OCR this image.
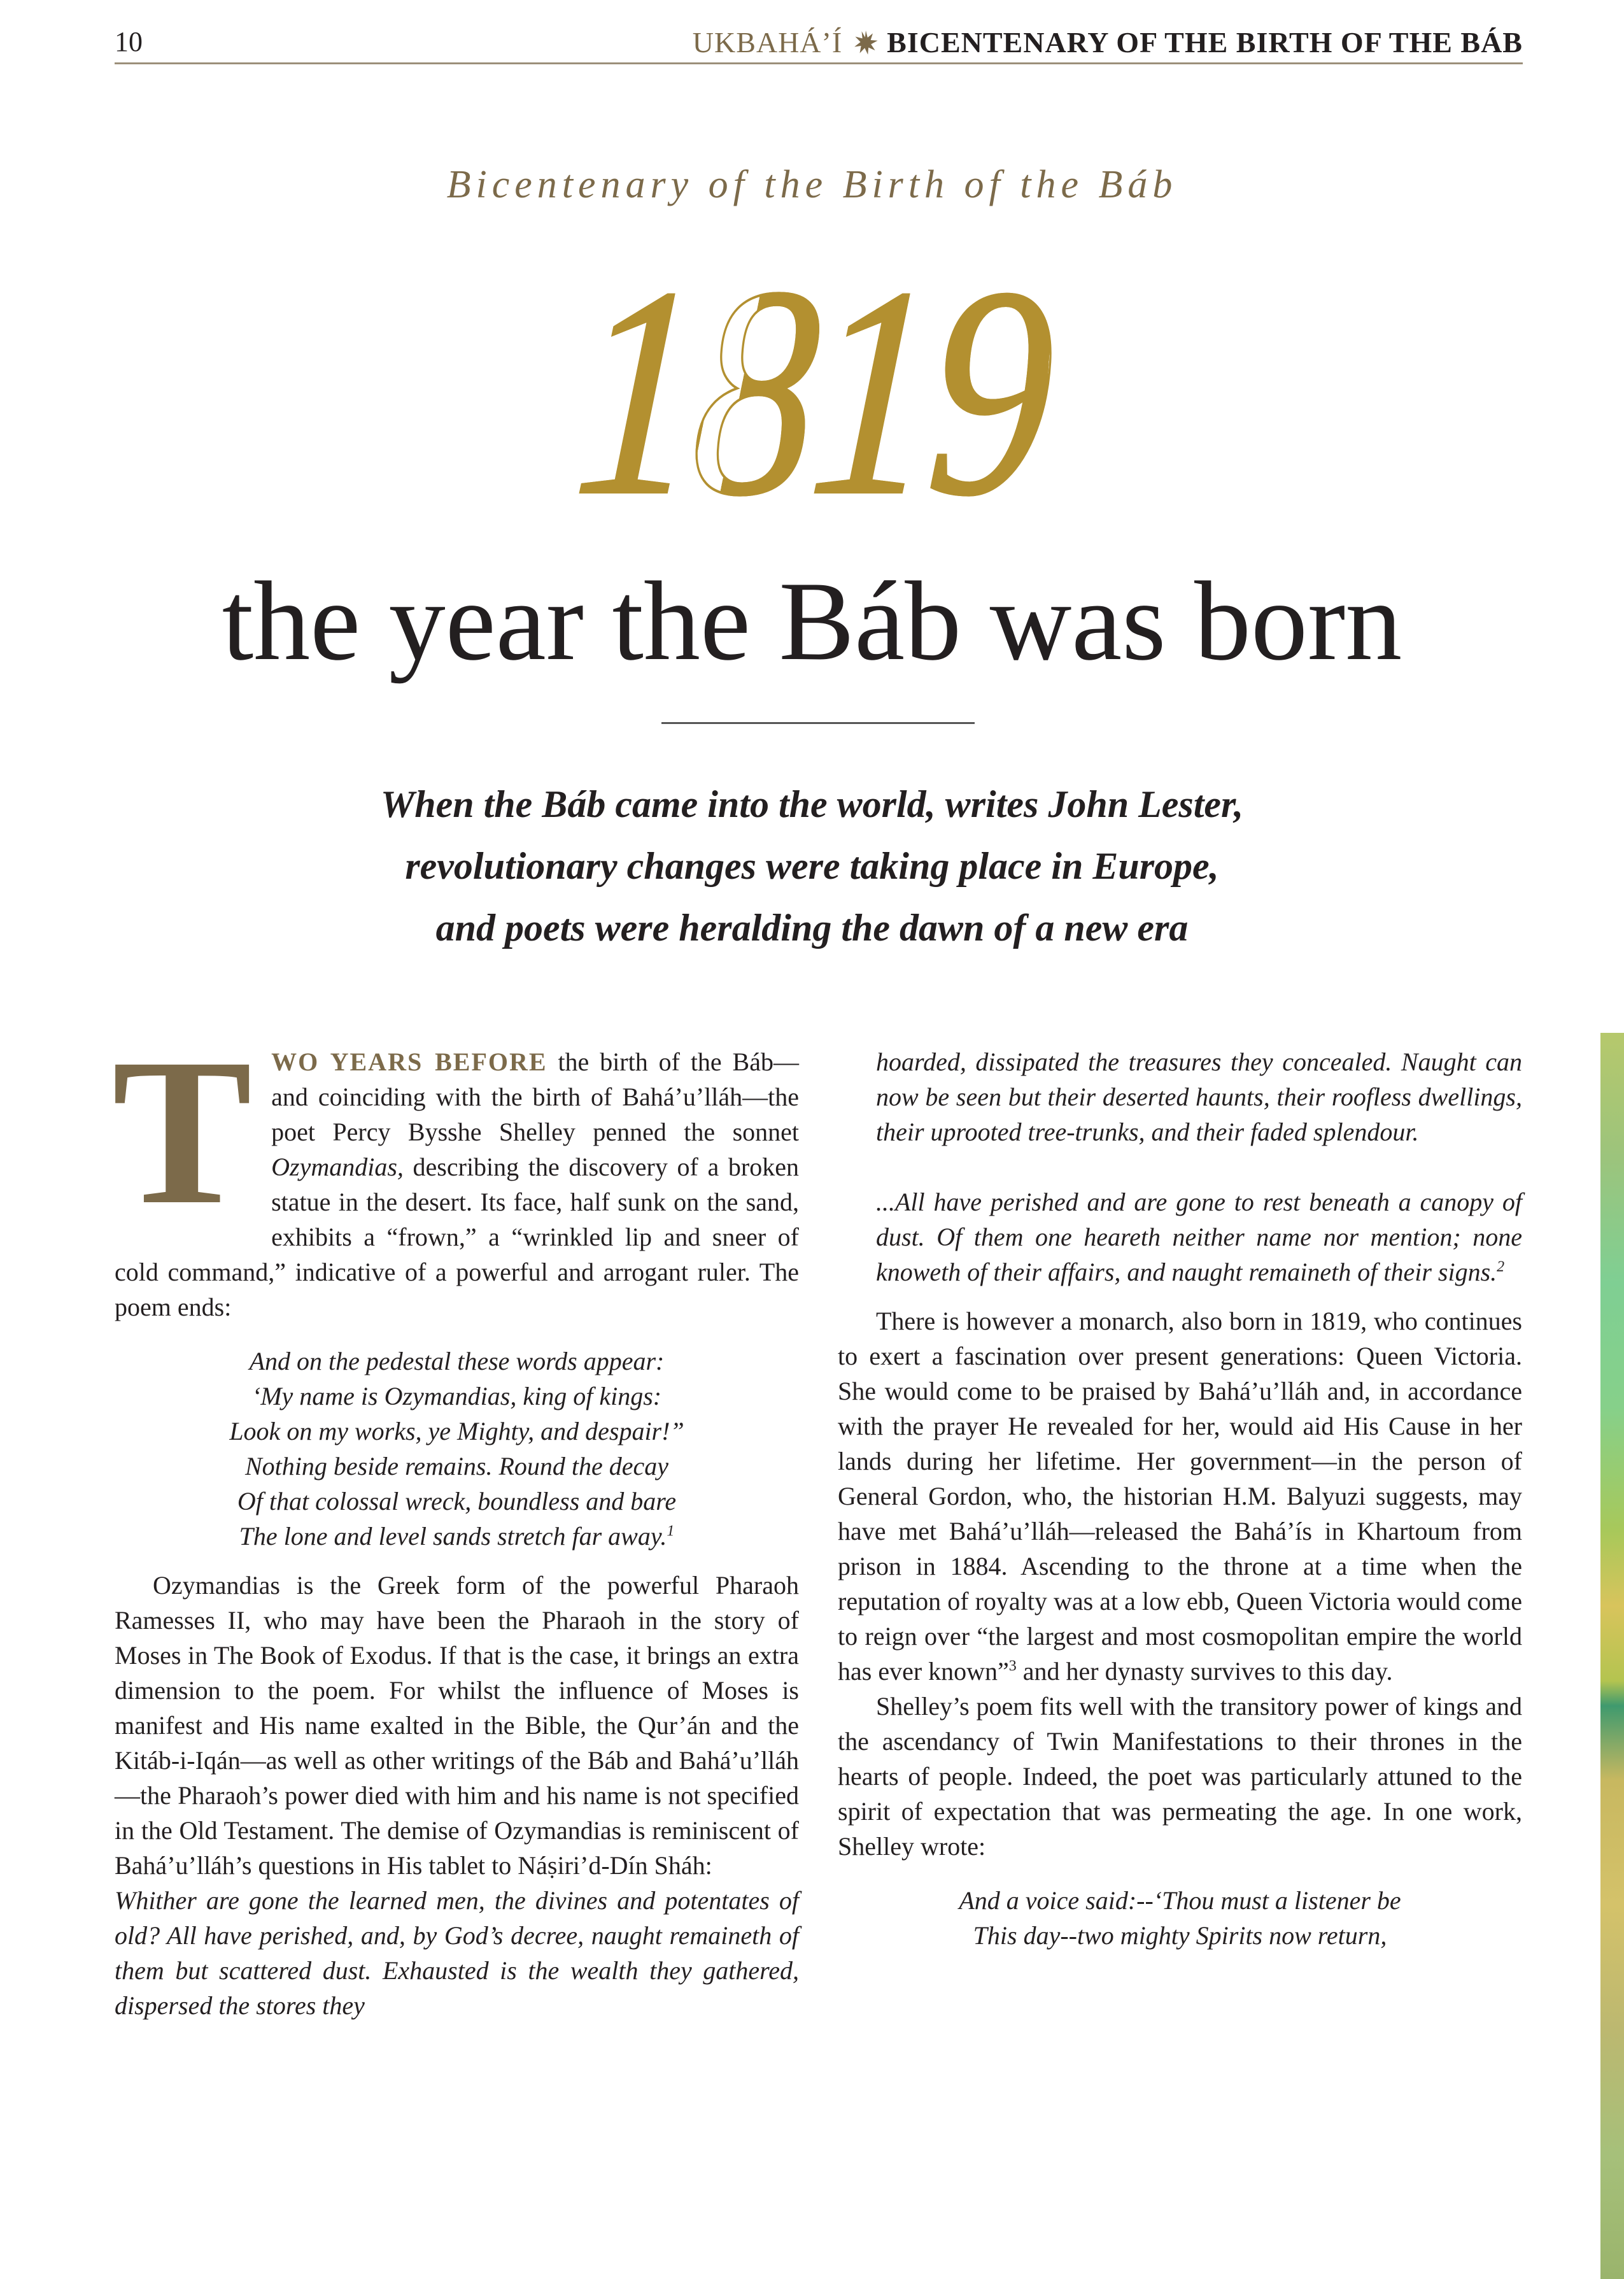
10	UKBAHÁ’Í BICENTENARY OF THE BIRTH OF THE BÁB
Bicentenary of the Birth of the Báb
1819
the year the Báb was born
When the Báb came into the world, writes John Lester,
revolutionary changes were taking place in Europe,
and poets were heralding the dawn of a new era

TWO YEARS BEFORE the birth of the Báb—and coinciding with the birth of Bahá’u’lláh—the poet Percy Bysshe Shelley penned the sonnet Ozymandias, describing the discovery of a broken statue in the desert. Its face, half sunk on the sand, exhibits a “frown,” a “wrinkled lip and sneer of cold command,” indicative of a powerful and arrogant ruler. The poem ends:

And on the pedestal these words appear:
‘My name is Ozymandias, king of kings:
Look on my works, ye Mighty, and despair!”
Nothing beside remains. Round the decay
Of that colossal wreck, boundless and bare
The lone and level sands stretch far away.$^1$

Ozymandias is the Greek form of the powerful Pharaoh Ramesses II, who may have been the Pharaoh in the story of Moses in The Book of Exodus. If that is the case, it brings an extra dimension to the poem. For whilst the influence of Moses is manifest and His name exalted in the Bible, the Qur’án and the Kitáb-i-Iqán—as well as other writings of the Báb and Bahá’u’lláh—the Pharaoh’s power died with him and his name is not specified in the Old Testament. The demise of Ozymandias is reminiscent of Bahá’u’lláh’s questions in His tablet to Náṣiri’d-Dín Sháh:

Whither are gone the learned men, the divines and potentates of old? All have perished, and, by God’s decree, naught remaineth of them but scattered dust. Exhausted is the wealth they gathered, dispersed the stores they

hoarded, dissipated the treasures they concealed. Naught can now be seen but their deserted haunts, their roofless dwellings, their uprooted tree-trunks, and their faded splendour.

...All have perished and are gone to rest beneath a canopy of dust. Of them one heareth neither name nor mention; none knoweth of their affairs, and naught remaineth of their signs.$^2$

There is however a monarch, also born in 1819, who continues to exert a fascination over present generations: Queen Victoria. She would come to be praised by Bahá’u’lláh and, in accordance with the prayer He revealed for her, would aid His Cause in her lands during her lifetime. Her government—in the person of General Gordon, who, the historian H.M. Balyuzi suggests, may have met Bahá’u’lláh—released the Bahá’ís in Khartoum from prison in 1884. Ascending to the throne at a time when the reputation of royalty was at a low ebb, Queen Victoria would come to reign over “the largest and most cosmopolitan empire the world has ever known”$^3$ and her dynasty survives to this day.

Shelley’s poem fits well with the transitory power of kings and the ascendancy of Twin Manifestations to their thrones in the hearts of people. Indeed, the poet was particularly attuned to the spirit of expectation that was permeating the age. In one work, Shelley wrote:

And a voice said:--‘Thou must a listener be
This day--two mighty Spirits now return,
